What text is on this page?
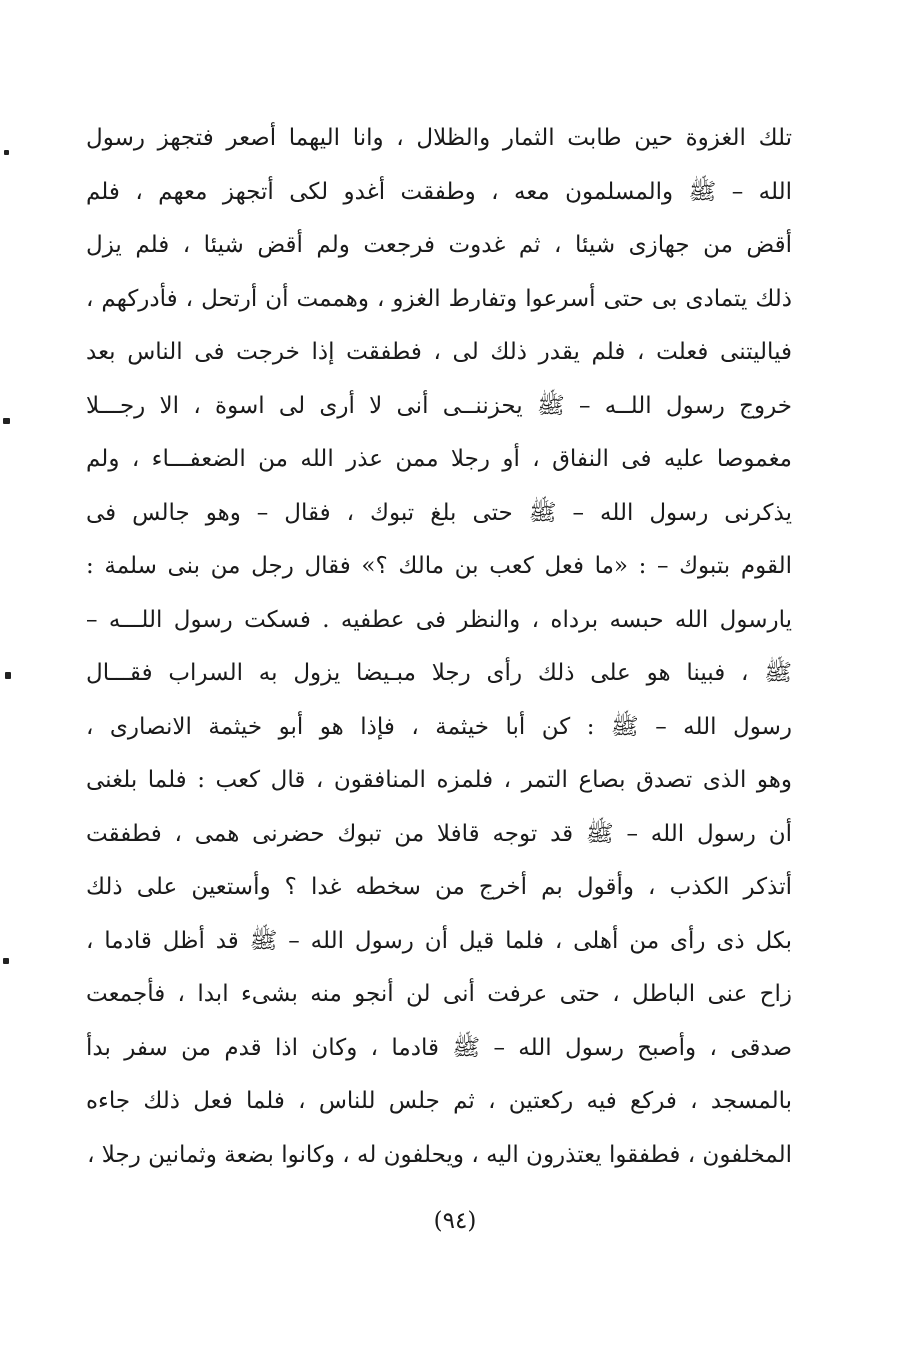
تلك الغزوة حين طابت الثمار والظلال ، وانا اليهما أصعر فتجهز رسول
الله – ﷺ والمسلمون معه ، وطفقت أغدو لكى أتجهز معهم ، فلم
أقض من جهازى شيئا ، ثم غدوت فرجعت ولم أقض شيئا ، فلم يزل
ذلك يتمادى بى حتى أسرعوا وتفارط الغزو ، وهممت أن أرتحل ، فأدركهم ،
فياليتنى فعلت ، فلم يقدر ذلك لى ، فطفقت إذا خرجت فى الناس بعد
خروج رسول اللــه – ﷺ يحزننــى أنى لا أرى لى اسوة ، الا رجـــلا
مغموصا عليه فى النفاق ، أو رجلا ممن عذر الله من الضعفـــاء ، ولم
يذكرنى رسول الله – ﷺ حتى بلغ تبوك ، فقال – وهو جالس فى
القوم بتبوك – : «ما فعل كعب بن مالك ؟» فقال رجل من بنى سلمة :
يارسول الله حبسه برداه ، والنظر فى عطفيه . فسكت رسول اللـــه –
ﷺ ، فبينا هو على ذلك رأى رجلا مبـيضا يزول به السراب فقـــال
رسول الله – ﷺ : كن أبا خيثمة ، فإذا هو أبو خيثمة الانصارى ،
وهو الذى تصدق بصاع التمر ، فلمزه المنافقون ، قال كعب : فلما بلغنى
أن رسول الله – ﷺ قد توجه قافلا من تبوك حضرنى همى ، فطفقت
أتذكر الكذب ، وأقول بم أخرج من سخطه غدا ؟ وأستعين على ذلك
بكل ذى رأى من أهلى ، فلما قيل أن رسول الله – ﷺ قد أظل قادما ،
زاح عنى الباطل ، حتى عرفت أنى لن أنجو منه بشىء ابدا ، فأجمعت
صدقى ، وأصبح رسول الله – ﷺ قادما ، وكان اذا قدم من سفر بدأ
بالمسجد ، فركع فيه ركعتين ، ثم جلس للناس ، فلما فعل ذلك جاءه
المخلفون ، فطفقوا يعتذرون اليه ، ويحلفون له ، وكانوا بضعة وثمانين رجلا ،
(٩٤)
